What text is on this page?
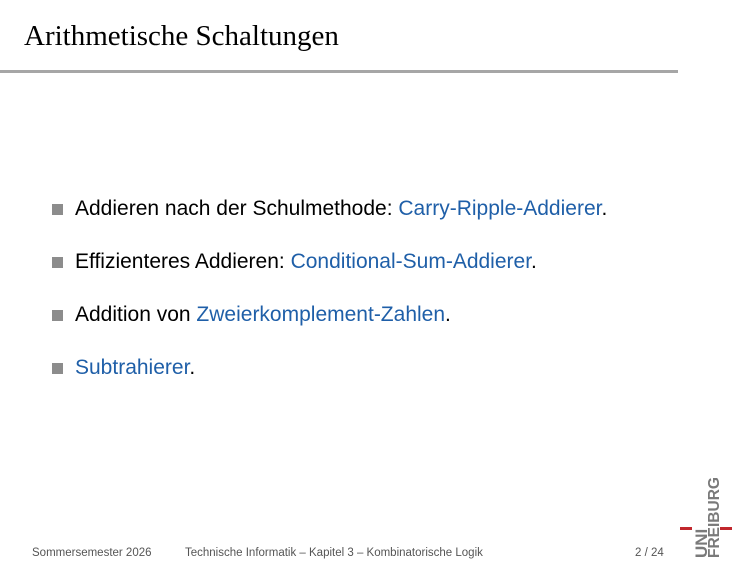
Arithmetische Schaltungen
Addieren nach der Schulmethode: Carry-Ripple-Addierer.
Effizienteres Addieren: Conditional-Sum-Addierer.
Addition von Zweierkomplement-Zahlen.
Subtrahierer.
Sommersemester 2026	Technische Informatik – Kapitel 3 – Kombinatorische Logik	2 / 24 UNI
FREIBURG
